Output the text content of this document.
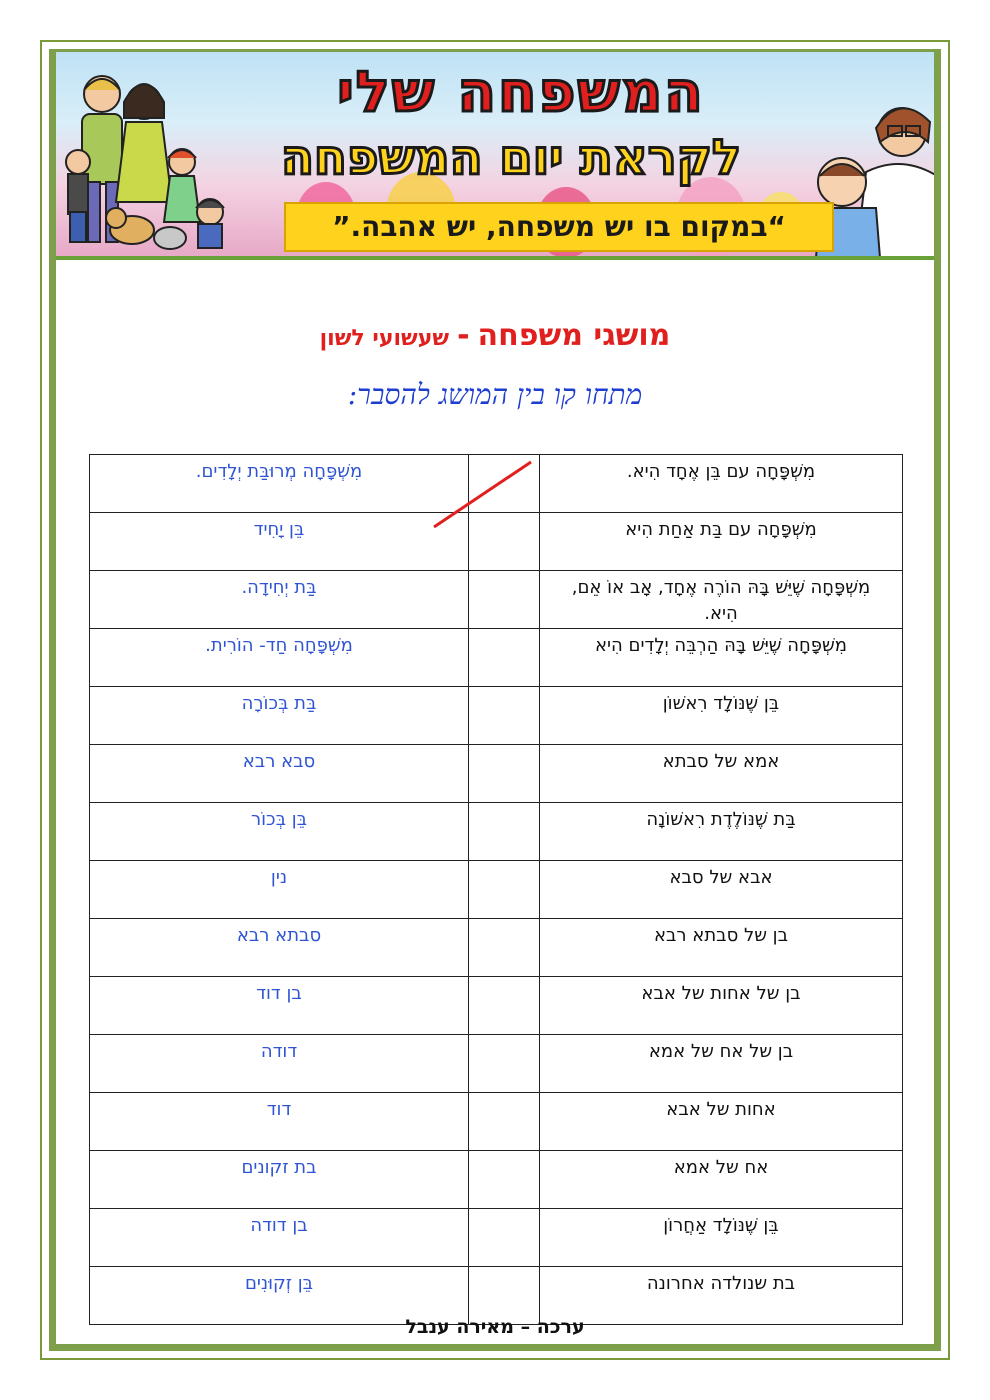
המשפחה שלי
לקראת יום המשפחה
“במקום בו יש משפחה, יש אהבה.”
מושגי משפחה-שעשועי לשון
מתחו קו בין המושג להסבר:
מִשְׁפָּחָה מְרוּבַּת יְלָדִים.		מִשְׁפָּחָה עם בֵּן אֶחָד הִיא.

בֵּן יָחִיד		מִשְׁפָּחָה עם בַּת אַחַת הִיא

בַּת יְחִידָה.		מִשְׁפָּחָה שֶׁיֵּשׁ בָּהּ הוֹרֶה אֶחָד, אָב אוֹ אֵם, הִיא.

מִשְׁפָּחָה חַד- הוֹרִית.		מִשְׁפָּחָה שֶׁיֵּשׁ בָּהּ הַרְבֵּה יְלָדִים הִיא

בַּת בְּכוֹרָה		בֵּן שֶׁנּוֹלָד רִאשׁוֹן

סבא רבא		אמא של סבתא

בֵּן בְּכוֹר		בַּת שֶׁנּוֹלֶדֶת רִאשׁוֹנָה

נין		אבא של סבא

סבתא רבא		בן של סבתא רבא

בן דוד		בן של אחות של אבא

דודה		בן של אח של אמא

דוד		אחות של אבא

בת זקונים		אח של אמא

בן דודה		בֵּן שֶׁנּוֹלָד אַחֲרוֹן

בֵּן זְקוּנִים		בת שנולדה אחרונה
ערכה – מאירה ענבל
